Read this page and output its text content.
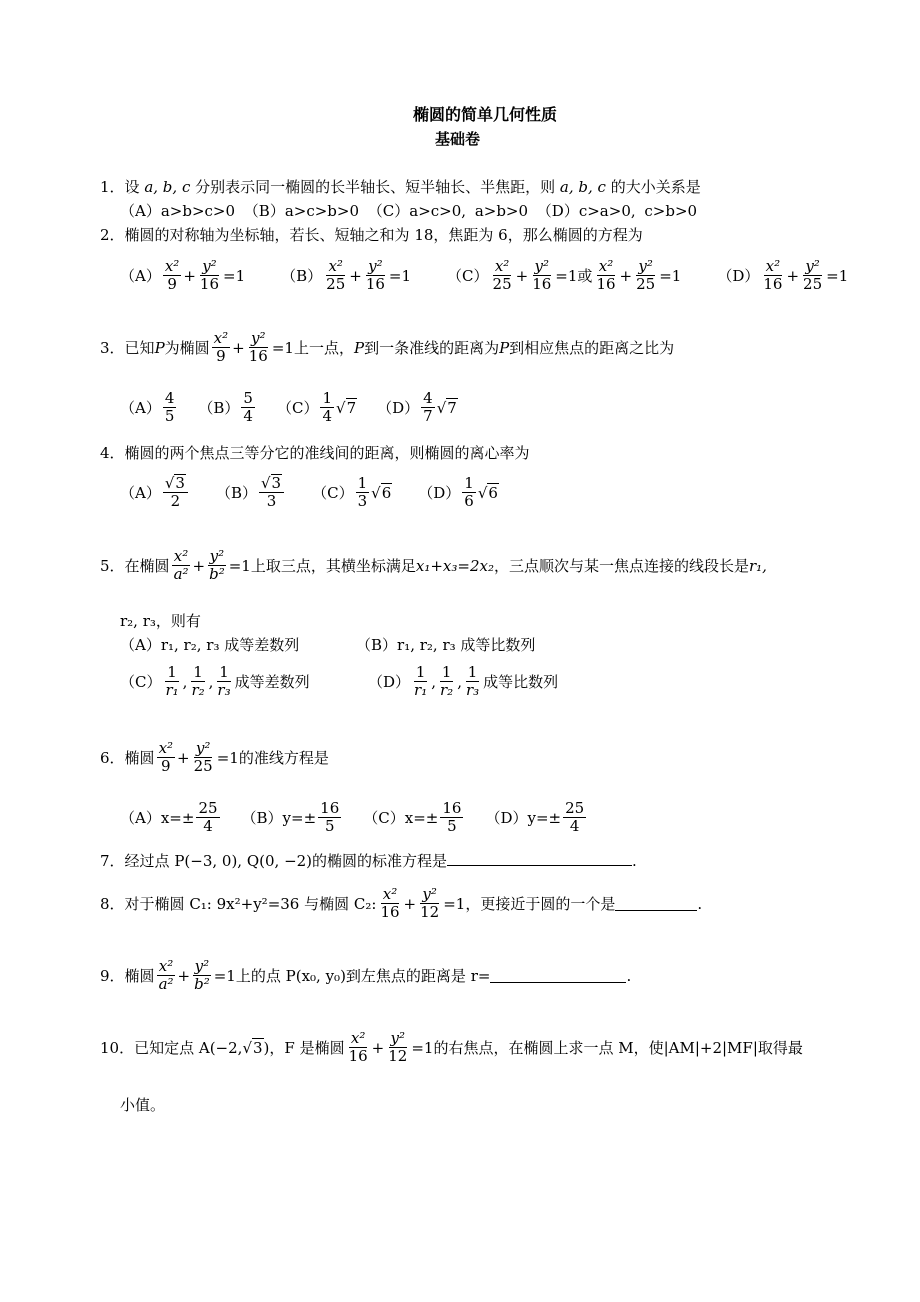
椭圆的简单几何性质
基础卷
1．设 a, b, c 分别表示同一椭圆的长半轴长、短半轴长、半焦距，则 a, b, c 的大小关系是
（A）a>b>c>0 （B）a>c>b>0 （C）a>c>0, a>b>0 （D）c>a>0, c>b>0
2．椭圆的对称轴为坐标轴，若长、短轴之和为 18，焦距为 6，那么椭圆的方程为
$(A) \frac{\text{x²}}{9} + \frac{\text{y²}}{16} =1$ $(B) \frac{\text{x²}}{25} + \frac{\text{y²}}{16} =1$ $(C) \frac{\text{x²}}{25} + \frac{\text{y²}}{16} =1$ 或 $\frac{\text{x²}}{16} + \frac{\text{y²}}{25} =1$ $(D) \frac{\text{x²}}{16} + \frac{\text{y²}}{25} =1$
3． 已知 P 为椭圆 $\frac{\text{x²}}{9} + \frac{\text{y²}}{16} =1$ 上一点， P 到一条准线的距离为 P 到相应焦点的距离之比为
$(A) \frac{4}{5} (B) \frac{5}{4} (C) \frac{1}{4}$ √ 7 $(D) \frac{4}{7}$ √ 7
4．椭圆的两个焦点三等分它的准线间的距离，则椭圆的离心率为
$(A) \frac{√ 3}{2} (B) \frac{√ 3}{3} (C) \frac{1}{3}$ √ 6 $(D) \frac{1}{6}$ √ 6
5． 在椭圆 $\frac{\text{x²}}{\text{a²}} + \frac{\text{y²}}{\text{b²}} =1$ 上取三点，其横坐标满足 x₁+x₃=2x₂ ，三点顺次与某一焦点连接的线段长是 r₁,
r₂, r₃，则有
（A）r₁, r₂, r₃ 成等差数列	（B）r₁, r₂, r₃ 成等比数列
$(C) \frac{1}{\text{r₁}}$ , $\frac{1}{\text{r₂}}$ , $\frac{1}{\text{r₃}}$ 成等差数列	$(D) \frac{1}{\text{r₁}}$ , $\frac{1}{\text{r₂}}$ , $\frac{1}{\text{r₃}}$ 成等比数列
6． 椭圆 $\frac{\text{x²}}{9} + \frac{\text{y²}}{25} =1$ 的准线方程是
$(A)x=\pm \frac{25}{4} (B)y=\pm \frac{16}{5} (C)x=\pm \frac{16}{5} (D)y=\pm \frac{25}{4}$
7．经过点 P(−3, 0), Q(0, −2)的椭圆的标准方程是	.
8． 对于椭圆 C₁: 9x²+y²=36 与椭圆 C₂: $\frac{\text{x²}}{16} + \frac{\text{y²}}{12} =1$ ，更接近于圆的一个是	.
9． 椭圆 $\frac{\text{x²}}{\text{a²}} + \frac{\text{y²}}{\text{b²}} =1$ 上的点 P(x₀, y₀)到左焦点的距离是 r=	.
10． 已知定点 A(−2, √ 3 )，F 是椭圆 $\frac{\text{x²}}{16} + \frac{\text{y²}}{12} =1$ 的右焦点，在椭圆上求一点 M，使|AM|+2|MF|取得最
小值。
